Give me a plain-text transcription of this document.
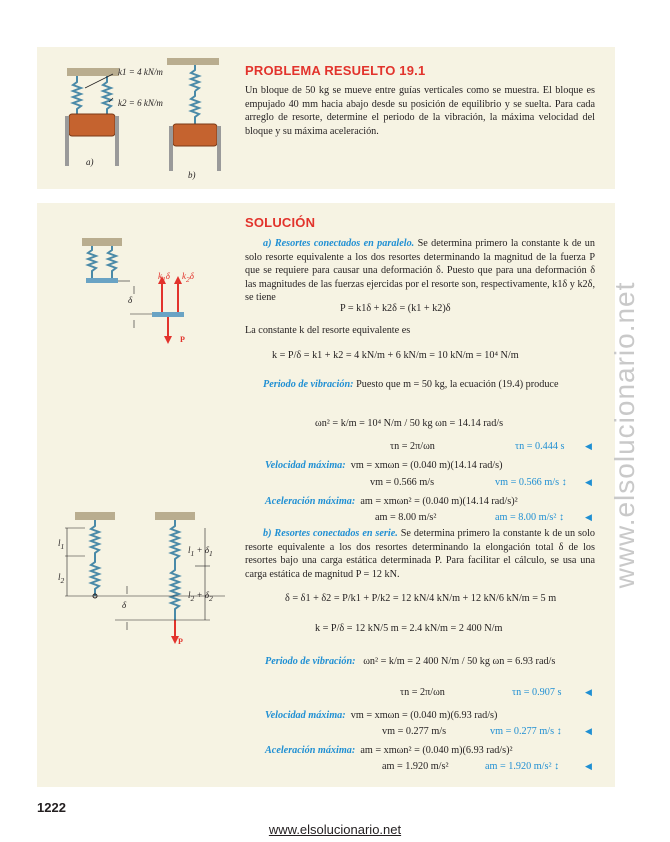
k1 = 4 kN/m
k2 = 6 kN/m
a)
b)
PROBLEMA RESUELTO 19.1
Un bloque de 50 kg se mueve entre guías verticales como se muestra. El bloque es empujado 40 mm hacia abajo desde su posición de equilibrio y se suelta. Para cada arreglo de resorte, determine el periodo de la vibración, la máxima velocidad del bloque y su máxima aceleración.
$k_1\delta$ $k_2\delta$
δ
P
$l_1$
$l_2$
$l_1 + \delta_1$
$l_2 + \delta_2$
δ
P
SOLUCIÓN
a) Resortes conectados en paralelo. Se determina primero la constante k de un solo resorte equivalente a los dos resortes determinando la magnitud de la fuerza P que se requiere para causar una deformación δ. Puesto que para una deformación δ las magnitudes de las fuerzas ejercidas por el resorte son, respectivamente, k1δ y k2δ, se tiene
P = k1δ + k2δ = (k1 + k2)δ
La constante k del resorte equivalente es
k = P/δ = k1 + k2 = 4 kN/m + 6 kN/m = 10 kN/m = 10⁴ N/m
Periodo de vibración: Puesto que m = 50 kg, la ecuación (19.4) produce
ωn² = k/m = 10⁴ N/m / 50 kg ωn = 14.14 rad/s
τn = 2π/ωn	τn = 0.444 s ◀
Velocidad máxima: vm = xmωn = (0.040 m)(14.14 rad/s)
vm = 0.566 m/s	vm = 0.566 m/s ↕ ◀
Aceleración máxima: am = xmωn² = (0.040 m)(14.14 rad/s)²
am = 8.00 m/s²	am = 8.00 m/s² ↕ ◀
b) Resortes conectados en serie. Se determina primero la constante k de un solo resorte equivalente a los dos resortes determinando la elongación total δ de los resortes bajo una carga estática determinada P. Para facilitar el cálculo, se usa una carga estática de magnitud P = 12 kN.
δ = δ1 + δ2 = P/k1 + P/k2 = 12 kN/4 kN/m + 12 kN/6 kN/m = 5 m
k = P/δ = 12 kN/5 m = 2.4 kN/m = 2 400 N/m
Periodo de vibración: ωn² = k/m = 2 400 N/m / 50 kg ωn = 6.93 rad/s
τn = 2π/ωn	τn = 0.907 s	◀
Velocidad máxima: vm = xmωn = (0.040 m)(6.93 rad/s)
vm = 0.277 m/s	vm = 0.277 m/s ↕	◀
Aceleración máxima: am = xmωn² = (0.040 m)(6.93 rad/s)²
am = 1.920 m/s²	am = 1.920 m/s² ↕	◀
www.elsolucionario.net
1222
www.elsolucionario.net
